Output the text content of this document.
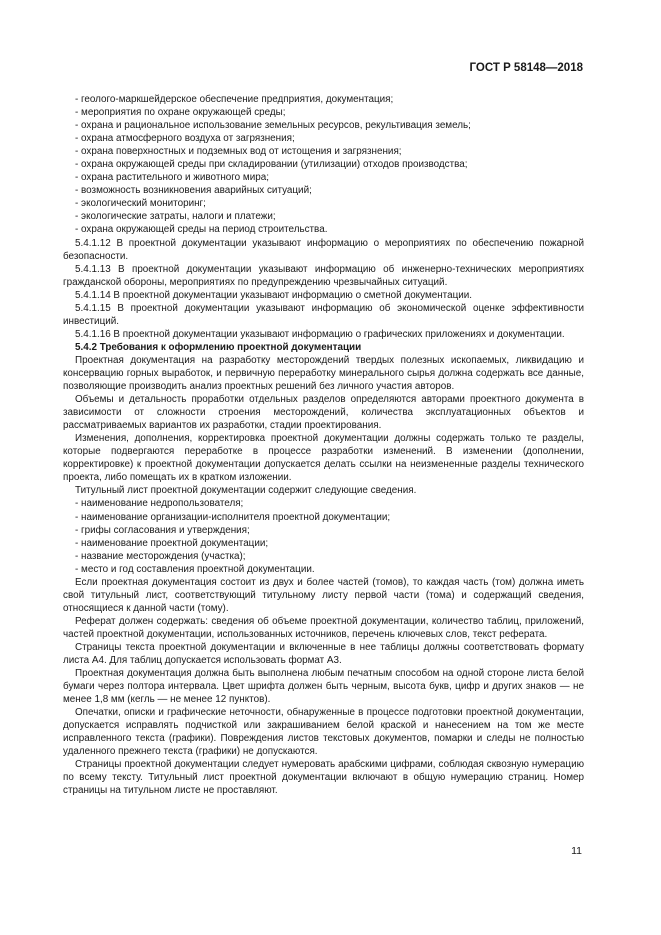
ГОСТ Р 58148—2018

- геолого-маркшейдерское обеспечение предприятия, документация;

- мероприятия по охране окружающей среды;

- охрана и рациональное использование земельных ресурсов, рекультивация земель;

- охрана атмосферного воздуха от загрязнения;

- охрана поверхностных и подземных вод от истощения и загрязнения;

- охрана окружающей среды при складировании (утилизации) отходов производства;

- охрана растительного и животного мира;

- возможность возникновения аварийных ситуаций;

- экологический мониторинг;

- экологические затраты, налоги и платежи;

- охрана окружающей среды на период строительства.

5.4.1.12 В проектной документации указывают информацию о мероприятиях по обеспечению пожарной безопасности.

5.4.1.13 В проектной документации указывают информацию об инженерно-технических мероприятиях гражданской обороны, мероприятиях по предупреждению чрезвычайных ситуаций.

5.4.1.14 В проектной документации указывают информацию о сметной документации.

5.4.1.15 В проектной документации указывают информацию об экономической оценке эффективности инвестиций.

5.4.1.16 В проектной документации указывают информацию о графических приложениях и документации.

5.4.2 Требования к оформлению проектной документации

Проектная документация на разработку месторождений твердых полезных ископаемых, ликвидацию и консервацию горных выработок, и первичную переработку минерального сырья должна содержать все данные, позволяющие производить анализ проектных решений без личного участия авторов.

Объемы и детальность проработки отдельных разделов определяются авторами проектного документа в зависимости от сложности строения месторождений, количества эксплуатационных объектов и рассматриваемых вариантов их разработки, стадии проектирования.

Изменения, дополнения, корректировка проектной документации должны содержать только те разделы, которые подвергаются переработке в процессе разработки изменений. В изменении (дополнении, корректировке) к проектной документации допускается делать ссылки на неизмененные разделы технического проекта, либо помещать их в кратком изложении.

Титульный лист проектной документации содержит следующие сведения.

- наименование недропользователя;

- наименование организации-исполнителя проектной документации;

- грифы согласования и утверждения;

- наименование проектной документации;

- название месторождения (участка);

- место и год составления проектной документации.

Если проектная документация состоит из двух и более частей (томов), то каждая часть (том) должна иметь свой титульный лист, соответствующий титульному листу первой части (тома) и содержащий сведения, относящиеся к данной части (тому).

Реферат должен содержать: сведения об объеме проектной документации, количество таблиц, приложений, частей проектной документации, использованных источников, перечень ключевых слов, текст реферата.

Страницы текста проектной документации и включенные в нее таблицы должны соответствовать формату листа А4. Для таблиц допускается использовать формат А3.

Проектная документация должна быть выполнена любым печатным способом на одной стороне листа белой бумаги через полтора интервала. Цвет шрифта должен быть черным, высота букв, цифр и других знаков — не менее 1,8 мм (кегль — не менее 12 пунктов).

Опечатки, описки и графические неточности, обнаруженные в процессе подготовки проектной документации, допускается исправлять подчисткой или закрашиванием белой краской и нанесением на том же месте исправленного текста (графики). Повреждения листов текстовых документов, помарки и следы не полностью удаленного прежнего текста (графики) не допускаются.

Страницы проектной документации следует нумеровать арабскими цифрами, соблюдая сквозную нумерацию по всему тексту. Титульный лист проектной документации включают в общую нумерацию страниц. Номер страницы на титульном листе не проставляют.

11
